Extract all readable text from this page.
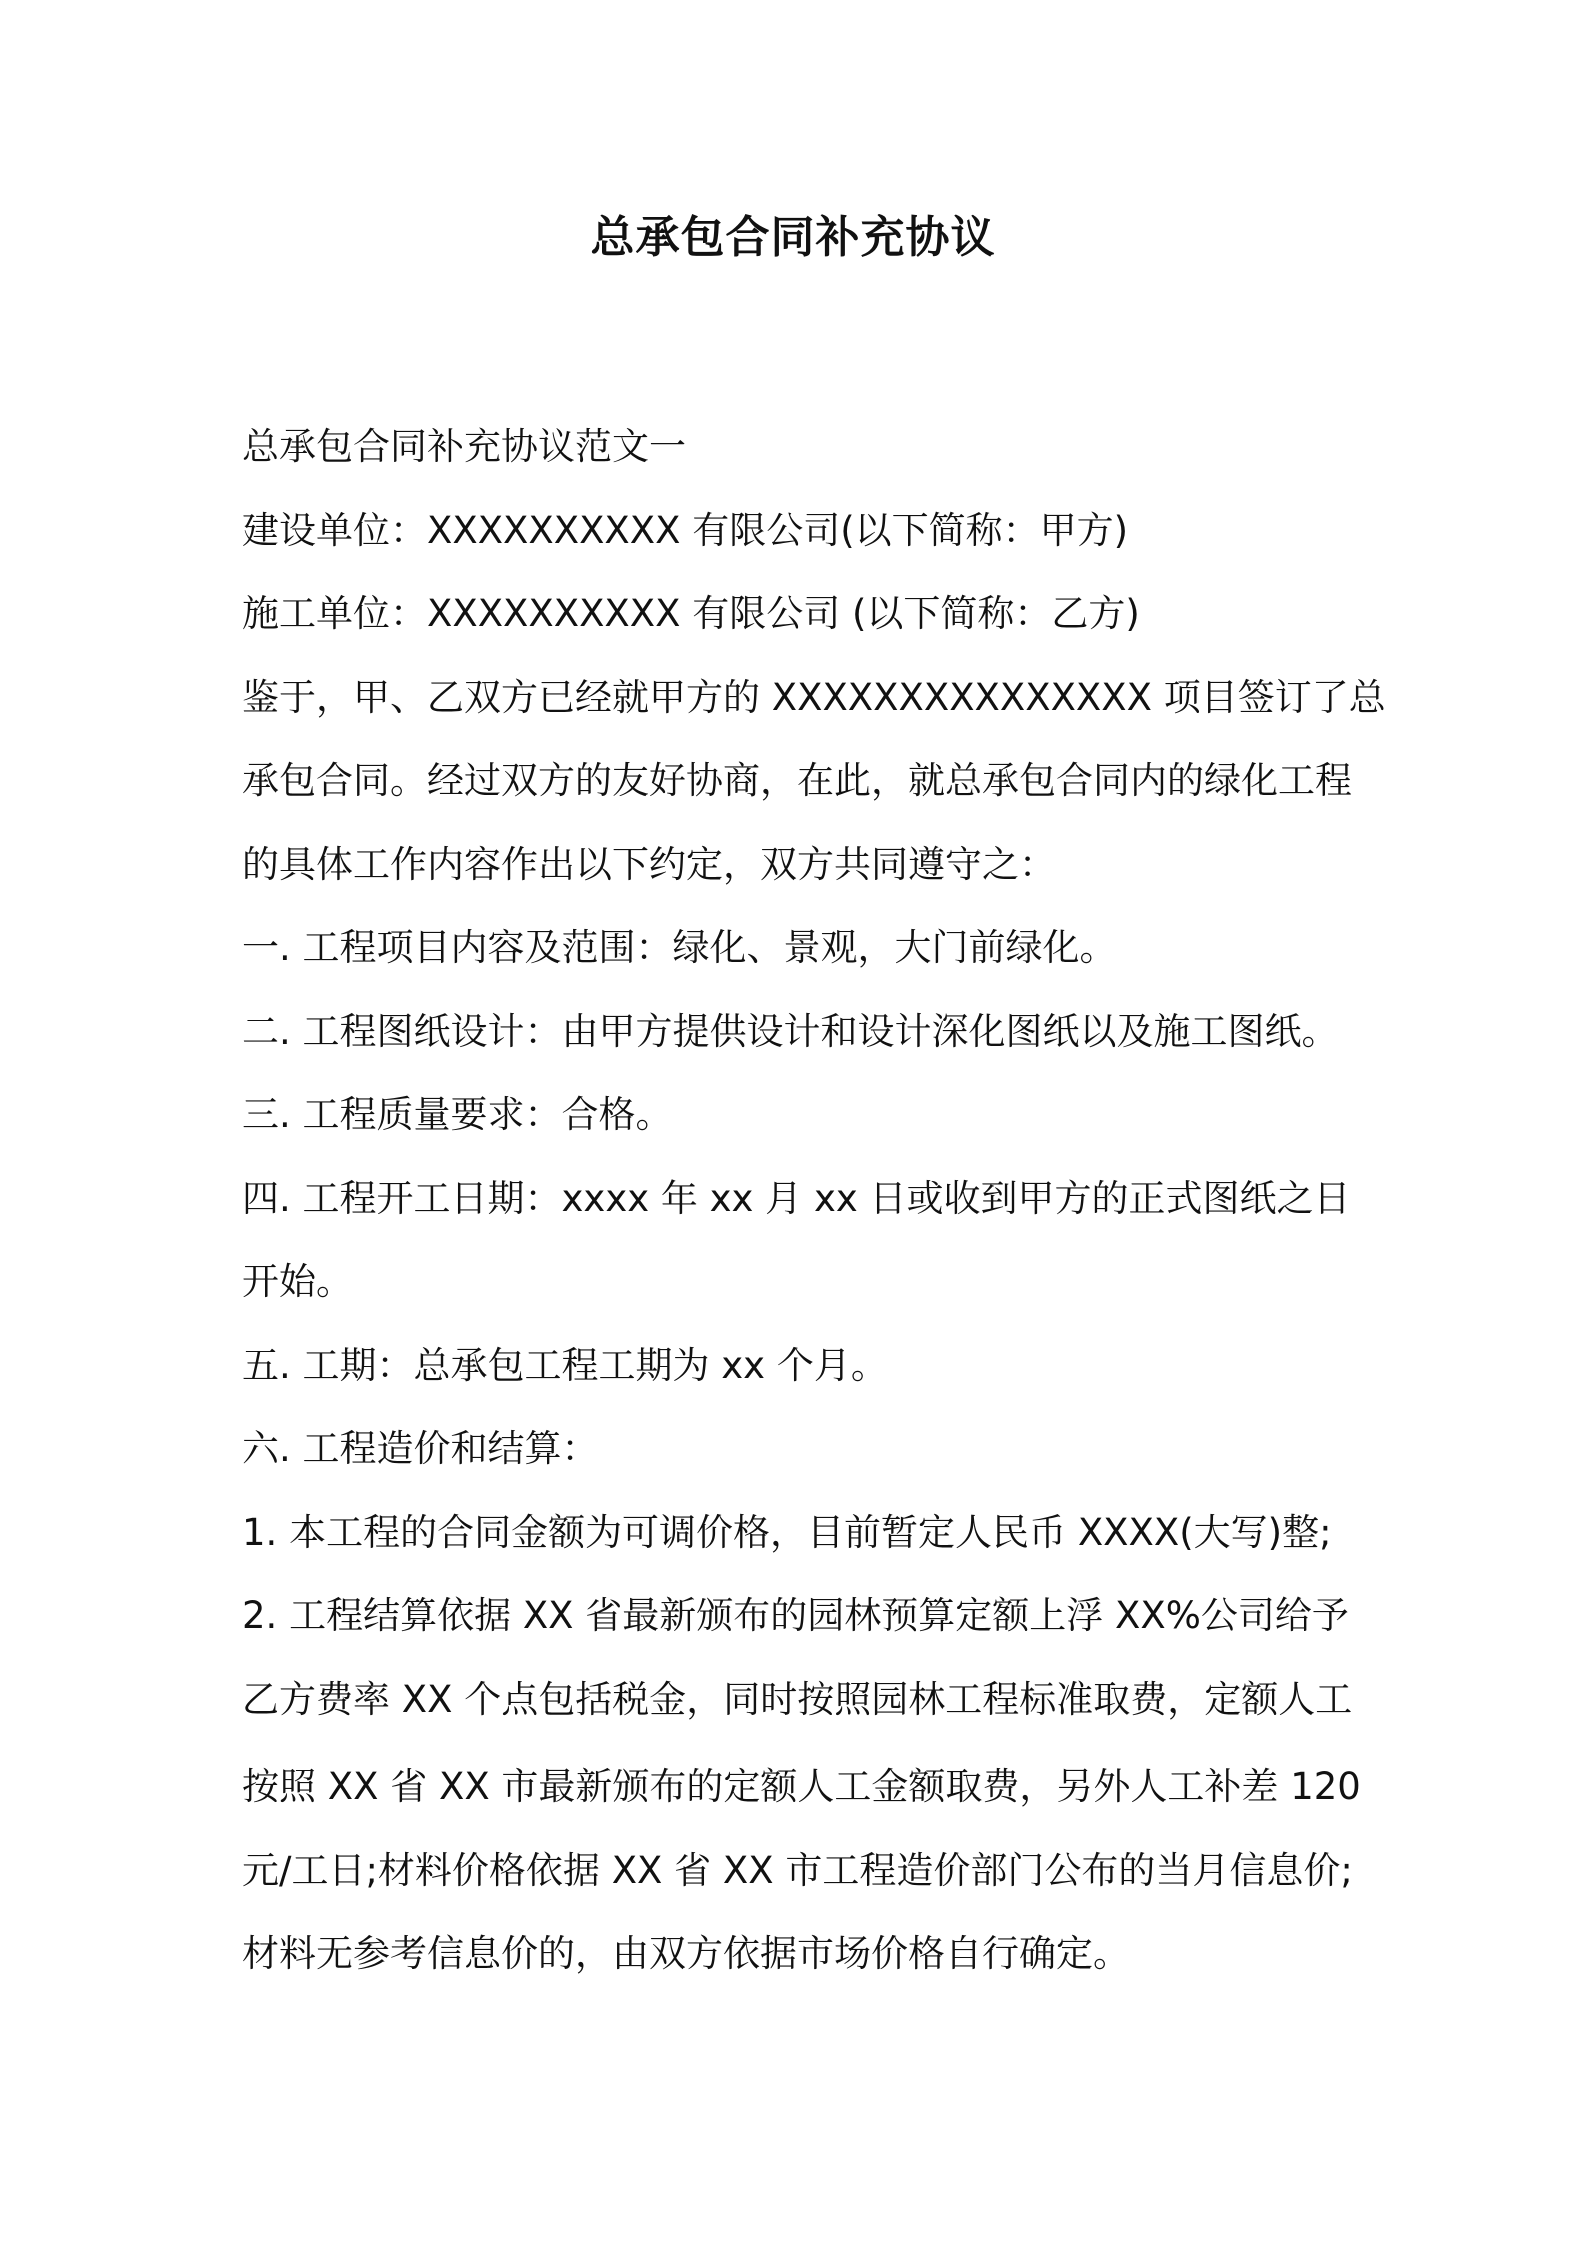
总承包合同补充协议

总承包合同补充协议范文一

建设单位：XXXXXXXXXX 有限公司(以下简称：甲方)

施工单位：XXXXXXXXXX 有限公司 (以下简称：乙方)

鉴于，甲、乙双方已经就甲方的 XXXXXXXXXXXXXXX 项目签订了总

承包合同。经过双方的友好协商，在此，就总承包合同内的绿化工程

的具体工作内容作出以下约定，双方共同遵守之：

一. 工程项目内容及范围：绿化、景观，大门前绿化。

二. 工程图纸设计：由甲方提供设计和设计深化图纸以及施工图纸。

三. 工程质量要求：合格。

四. 工程开工日期：xxxx 年 xx 月 xx 日或收到甲方的正式图纸之日

开始。

五. 工期：总承包工程工期为 xx 个月。

六. 工程造价和结算：

1. 本工程的合同金额为可调价格，目前暂定人民币 XXXX(大写)整;

2. 工程结算依据 XX 省最新颁布的园林预算定额上浮 XX%公司给予

乙方费率 XX 个点包括税金，同时按照园林工程标准取费，定额人工

按照 XX 省 XX 市最新颁布的定额人工金额取费，另外人工补差 120

元/工日;材料价格依据 XX 省 XX 市工程造价部门公布的当月信息价;

材料无参考信息价的，由双方依据市场价格自行确定。
